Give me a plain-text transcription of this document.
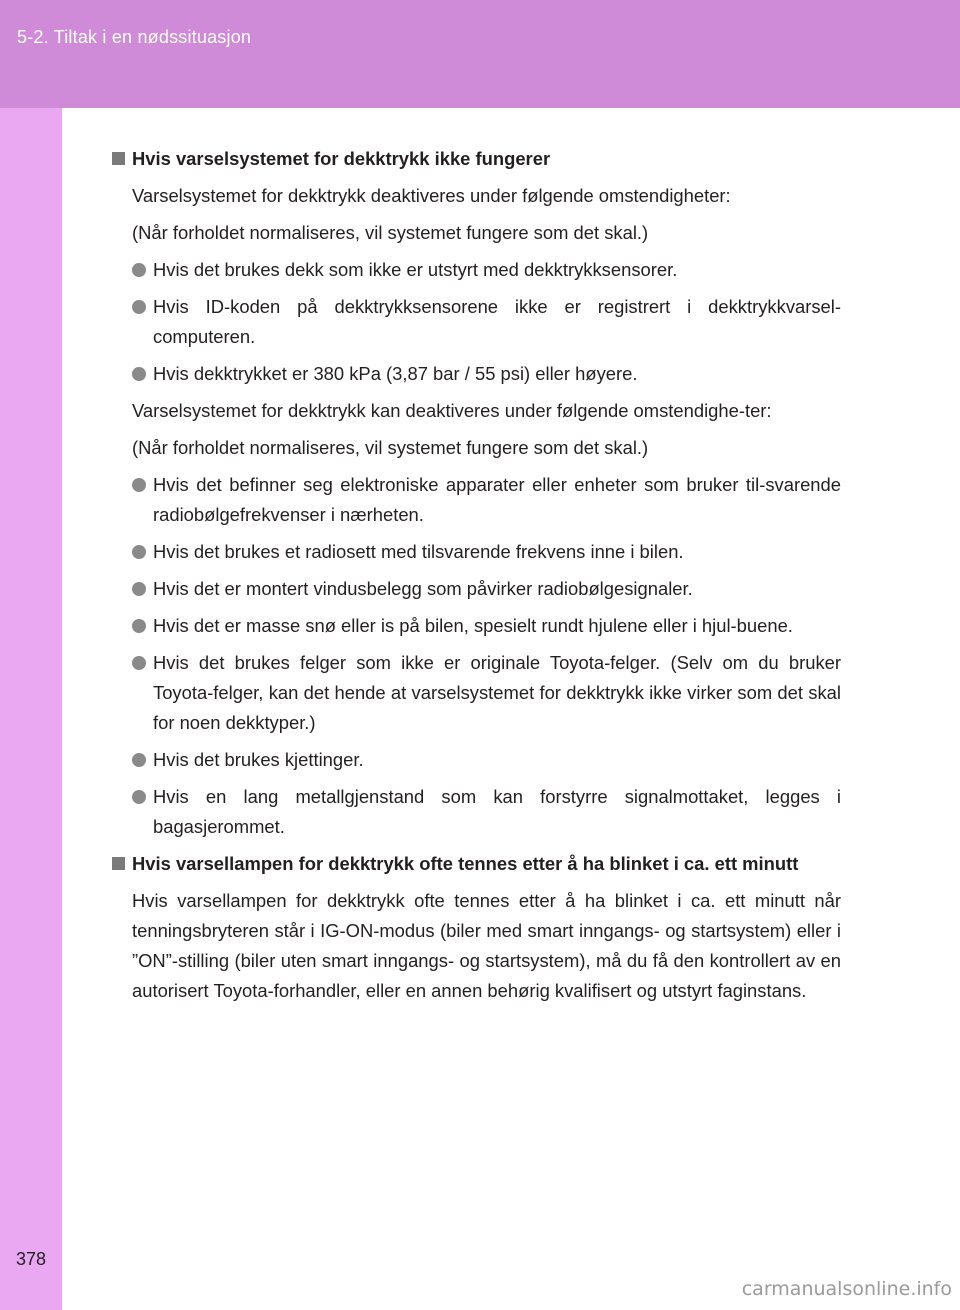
5-2. Tiltak i en nødssituasjon
Hvis varselsystemet for dekktrykk ikke fungerer
Varselsystemet for dekktrykk deaktiveres under følgende omstendigheter:
(Når forholdet normaliseres, vil systemet fungere som det skal.)
Hvis det brukes dekk som ikke er utstyrt med dekktrykksensorer.
Hvis ID-koden på dekktrykksensorene ikke er registrert i dekktrykkvarsel-computeren.
Hvis dekktrykket er 380 kPa (3,87 bar / 55 psi) eller høyere.
Varselsystemet for dekktrykk kan deaktiveres under følgende omstendighe-ter:
(Når forholdet normaliseres, vil systemet fungere som det skal.)
Hvis det befinner seg elektroniske apparater eller enheter som bruker til-svarende radiobølgefrekvenser i nærheten.
Hvis det brukes et radiosett med tilsvarende frekvens inne i bilen.
Hvis det er montert vindusbelegg som påvirker radiobølgesignaler.
Hvis det er masse snø eller is på bilen, spesielt rundt hjulene eller i hjul-buene.
Hvis det brukes felger som ikke er originale Toyota-felger. (Selv om du bruker Toyota-felger, kan det hende at varselsystemet for dekktrykk ikke virker som det skal for noen dekktyper.)
Hvis det brukes kjettinger.
Hvis en lang metallgjenstand som kan forstyrre signalmottaket, legges i bagasjerommet.
Hvis varsellampen for dekktrykk ofte tennes etter å ha blinket i ca. ett minutt
Hvis varsellampen for dekktrykk ofte tennes etter å ha blinket i ca. ett minutt når tenningsbryteren står i IG-ON-modus (biler med smart inngangs- og startsystem) eller i ”ON”-stilling (biler uten smart inngangs- og startsystem), må du få den kontrollert av en autorisert Toyota-forhandler, eller en annen behørig kvalifisert og utstyrt faginstans.
378
carmanualsonline.info
